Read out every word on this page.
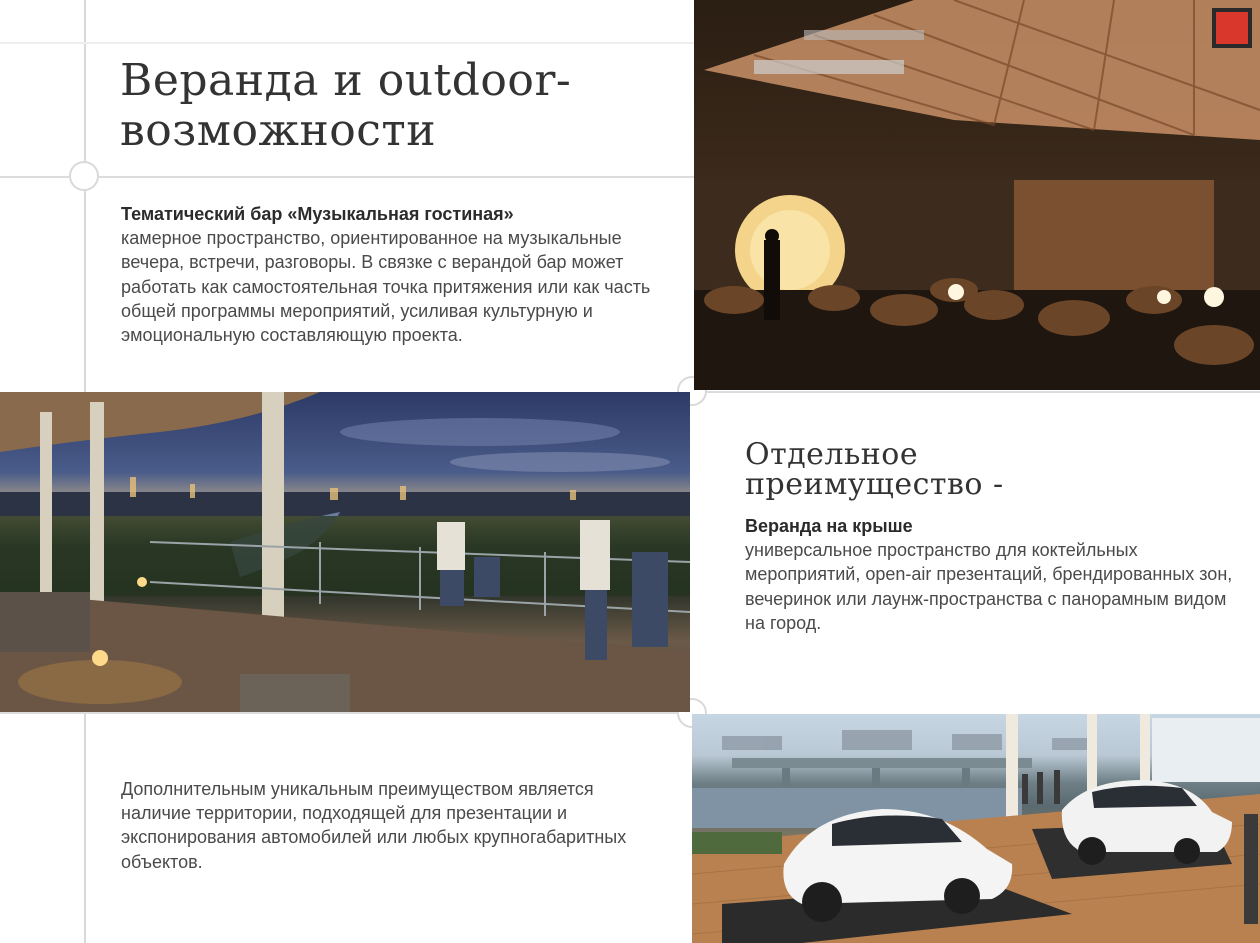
Веранда и outdoor-возможности
Тематический бар «Музыкальная гостиная»
камерное пространство, ориентированное на музыкальные вечера, встречи, разговоры. В связке с верандой бар может работать как самостоятельная точка притяжения или как часть общей программы мероприятий, усиливая культурную и эмоциональную составляющую проекта.
Отдельное преимущество -
Веранда на крыше
универсальное пространство для коктейльных мероприятий, open-air презентаций, брендированных зон, вечеринок или лаунж-пространства с панорамным видом на город.
Дополнительным уникальным преимуществом является наличие территории, подходящей для презентации и экспонирования автомобилей или любых крупногабаритных объектов.
